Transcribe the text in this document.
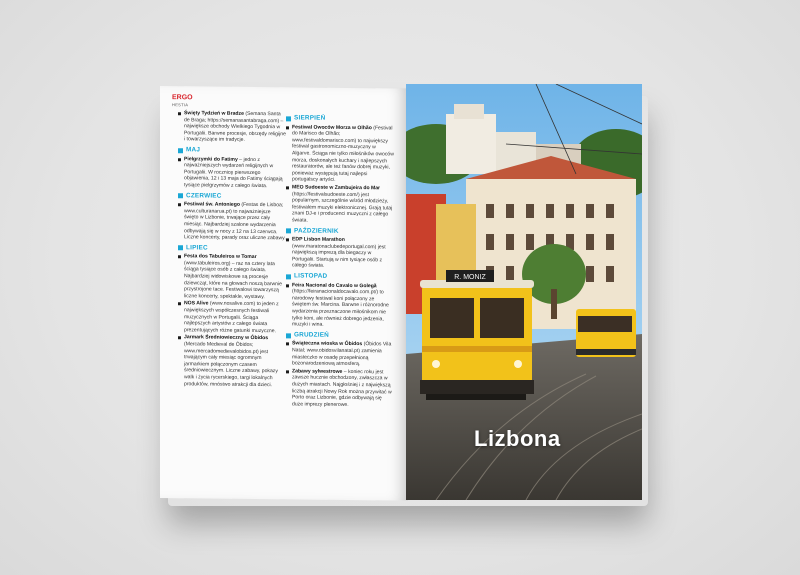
ERGO
HESTIA
Święty Tydzień w Bradze (Semana Santa de Braga; https://semanasantabraga.com) – największe obchody Wielkiego Tygodnia w Portugalii. Barwne procesje, obrzędy religijne i towarzyszące im tradycje.
MAJ
Pielgrzymki do Fatimy – jedno z najważniejszych wydarzeń religijnych w Portugalii. W rocznicę pierwszego objawienia, 12 i 13 maja do Fatimy ściągają tysiące pielgrzymów z całego świata.
CZERWIEC
Festiwal św. Antoniego (Festas de Lisboa; www.culturanarua.pt) to najważniejsze święto w Lizbonie, trwające przez cały miesiąc. Najbardziej szalone wydarzenia odbywają się w nocy z 12 na 13 czerwca. Liczne koncerty, parady oraz uliczne zabawy.
LIPIEC
Festa dos Tabuleiros w Tomar (www.tabuleiros.org) – raz na cztery lata ściąga tysiące osób z całego świata. Najbardziej widowiskowe są procesje dziewcząt, które na głowach noszą barwnie przystrojone tace. Festiwalowi towarzyszą liczne koncerty, spektakle, wystawy.
NOS Alive (www.nosalive.com) to jeden z największych współczesnych festiwali muzycznych w Portugalii. Ściąga najlepszych artystów z całego świata prezentujących różne gatunki muzyczne.
Jarmark Średniowieczny w Óbidos (Mercado Medieval de Óbidos; www.mercadomedievalobidos.pt) jest trwającym cały miesiąc ogromnym jarmarkiem połączonym czasem średniowiecznym. Liczne zabawy, pokazy walk i życia rycerskiego, targi lokalnych produktów, mnóstwo atrakcji dla dzieci.
SIERPIEŃ
Festiwal Owoców Morza w Olhão (Festival do Marisco de Olhão; www.festivaldomarisco.com) to największy festiwal gastronomiczno-muzyczny w Algarve. Ściąga nie tylko miłośników owoców morza, doskonałych kuchary i najlepszych restauratorów, ale też fanów dobrej muzyki, ponieważ występują tutaj najlepsi portugalscy artyści.
MEO Sudoeste w Zambujeira do Mar (https://festivalsudoeste.com/) jest popularnym, szczególnie wśród młodzieży, festiwalem muzyki elektronicznej. Grają tutaj znani DJ-e i producenci muzyczni z całego świata.
PAŹDZIERNIK
EDP Lisbon Marathon (www.maratonaclubedeportugal.com) jest największą imprezą dla biegaczy w Portugalii. Startują w nim tysiące osób z całego świata.
LISTOPAD
Feira Nacional do Cavalo w Golegã (https://feiranacionaldocavalo.com.pt/) to narodowy festiwal koni połączony ze świętem św. Marcina. Barwne i różnorodne wydarzenia przeznaczone miłośnikom nie tylko koni, ale również dobrego jedzenia, muzyki i wina.
GRUDZIEŃ
Świąteczna wioska w Óbidos (Óbidos Vila Natal; www.obidosvilanatal.pt) zamienia miasteczko w osadę przepełnioną bożonarodzeniową atmosferą.
Zabawy sylwestrowe – koniec roku jest zawsze hucznie obchodzony, zwłaszcza w dużych miastach. Najgłośniej i z największą liczbą atrakcji Nowy Rok można przywitać w Porto oraz Lizbonie, gdzie odbywają się duże imprezy plenerowe.
R. MONIZ
Lizbona
